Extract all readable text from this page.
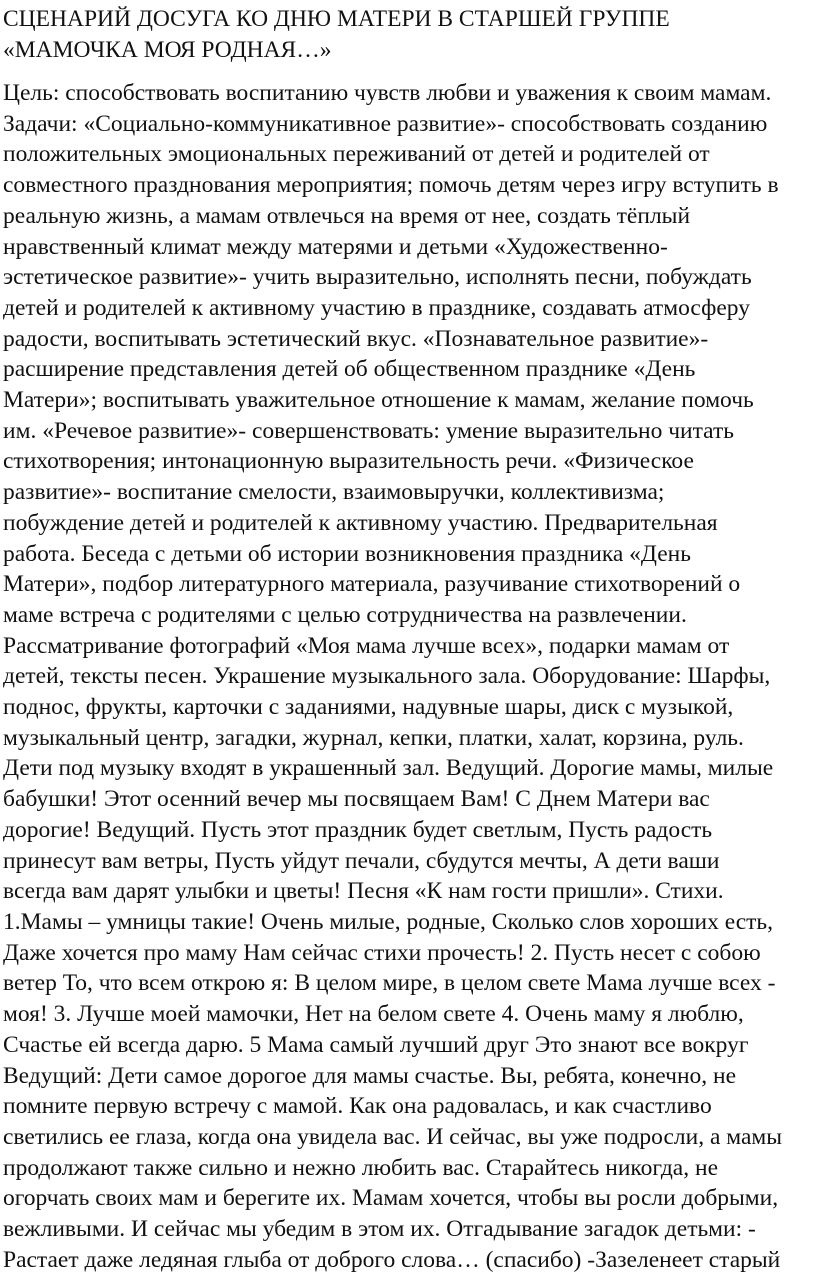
СЦЕНАРИЙ ДОСУГА КО ДНЮ МАТЕРИ В СТАРШЕЙ ГРУППЕ
«МАМОЧКА МОЯ РОДНАЯ…»

Цель: способствовать воспитанию чувств любви и уважения к своим мамам.
Задачи: «Социально-коммуникативное развитие»- способствовать созданию
положительных эмоциональных переживаний от детей и родителей от
совместного празднования мероприятия; помочь детям через игру вступить в
реальную жизнь, а мамам отвлечься на время от нее, создать тёплый
нравственный климат между матерями и детьми «Художественно-
эстетическое развитие»- учить выразительно, исполнять песни, побуждать
детей и родителей к активному участию в празднике, создавать атмосферу
радости, воспитывать эстетический вкус. «Познавательное развитие»-
расширение представления детей об общественном празднике «День
Матери»; воспитывать уважительное отношение к мамам, желание помочь
им. «Речевое развитие»- совершенствовать: умение выразительно читать
стихотворения; интонационную выразительность речи. «Физическое
развитие»- воспитание смелости, взаимовыручки, коллективизма;
побуждение детей и родителей к активному участию. Предварительная
работа. Беседа с детьми об истории возникновения праздника «День
Матери», подбор литературного материала, разучивание стихотворений о
маме встреча с родителями с целью сотрудничества на развлечении.
Рассматривание фотографий «Моя мама лучше всех», подарки мамам от
детей, тексты песен. Украшение музыкального зала. Оборудование: Шарфы,
поднос, фрукты, карточки с заданиями, надувные шары, диск с музыкой,
музыкальный центр, загадки, журнал, кепки, платки, халат, корзина, руль.
Дети под музыку входят в украшенный зал. Ведущий. Дорогие мамы, милые
бабушки! Этот осенний вечер мы посвящаем Вам! С Днем Матери вас
дорогие! Ведущий. Пусть этот праздник будет светлым, Пусть радость
принесут вам ветры, Пусть уйдут печали, сбудутся мечты, А дети ваши
всегда вам дарят улыбки и цветы! Песня «К нам гости пришли». Стихи.
1.Мамы – умницы такие! Очень милые, родные, Сколько слов хороших есть,
Даже хочется про маму Нам сейчас стихи прочесть! 2. Пусть несет с собою
ветер То, что всем открою я: В целом мире, в целом свете Мама лучше всех -
моя! 3. Лучше моей мамочки, Нет на белом свете 4. Очень маму я люблю,
Счастье ей всегда дарю. 5 Мама самый лучший друг Это знают все вокруг
Ведущий: Дети самое дорогое для мамы счастье. Вы, ребята, конечно, не
помните первую встречу с мамой. Как она радовалась, и как счастливо
светились ее глаза, когда она увидела вас. И сейчас, вы уже подросли, а мамы
продолжают также сильно и нежно любить вас. Старайтесь никогда, не
огорчать своих мам и берегите их. Мамам хочется, чтобы вы росли добрыми,
вежливыми. И сейчас мы убедим в этом их. Отгадывание загадок детьми: -
Растает даже ледяная глыба от доброго слова… (спасибо) -Зазеленеет старый
